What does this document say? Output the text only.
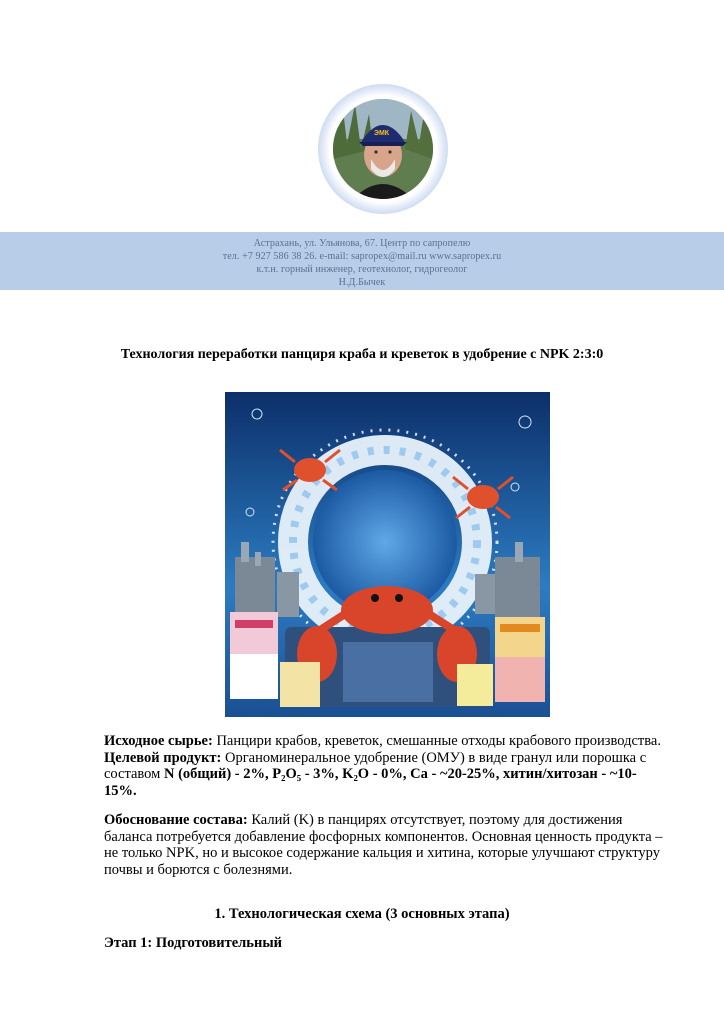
ЭМК
Астрахань, ул. Ульянова, 67. Центр по сапропелю
тел. +7 927 586 38 26. e-mail: sapropex@mail.ru www.sapropex.ru
к.т.н. горный инженер, геотехнолог, гидрогеолог
Н.Д.Бычек
Технология переработки панциря краба и креветок в удобрение с NPK 2:3:0
Исходное сырье: Панцири крабов, креветок, смешанные отходы крабового производства.
Целевой продукт: Органоминеральное удобрение (ОМУ) в виде гранул или порошка с
составом N (общий) - 2%, P₂O₅ - 3%, K₂O - 0%, Ca - ~20-25%, хитин/хитозан - ~10-
15%.
Обоснование состава: Калий (K) в панцирях отсутствует, поэтому для достижения
баланса потребуется добавление фосфорных компонентов. Основная ценность продукта –
не только NPK, но и высокое содержание кальция и хитина, которые улучшают структуру
почвы и борются с болезнями.
1. Технологическая схема (3 основных этапа)
Этап 1: Подготовительный
